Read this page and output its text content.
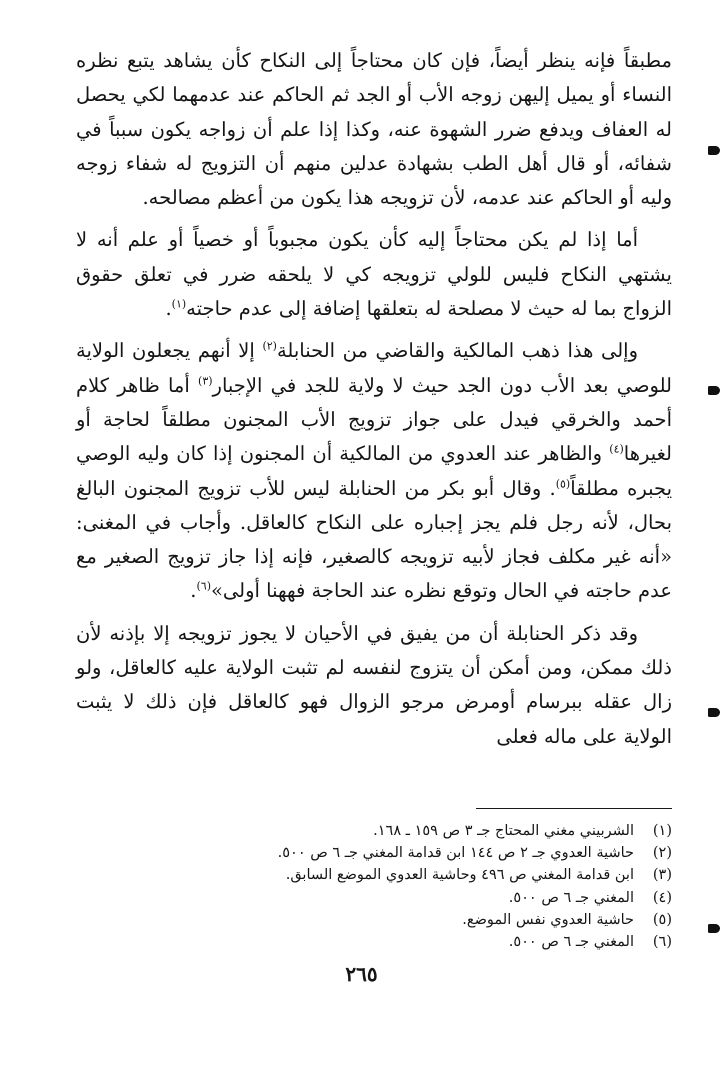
مطبقاً فإنه ينظر أيضاً، فإن كان محتاجاً إلى النكاح كأن يشاهد يتبع نظره النساء أو يميل إليهن زوجه الأب أو الجد ثم الحاكم عند عدمهما لكي يحصل له العفاف ويدفع ضرر الشهوة عنه، وكذا إذا علم أن زواجه يكون سبباً في شفائه، أو قال أهل الطب بشهادة عدلين منهم أن التزويج له شفاء زوجه وليه أو الحاكم عند عدمه، لأن تزويجه هذا يكون من أعظم مصالحه.

أما إذا لم يكن محتاجاً إليه كأن يكون مجبوباً أو خصياً أو علم أنه لا يشتهي النكاح فليس للولي تزويجه كي لا يلحقه ضرر في تعلق حقوق الزواج بما له حيث لا مصلحة له بتعلقها إضافة إلى عدم حاجته$^{(١)}$.

وإلى هذا ذهب المالكية والقاضي من الحنابلة$^{(٢)}$ إلا أنهم يجعلون الولاية للوصي بعد الأب دون الجد حيث لا ولاية للجد في الإجبار$^{(٣)}$ أما ظاهر كلام أحمد والخرقي فيدل على جواز تزويج الأب المجنون مطلقاً لحاجة أو لغيرها$^{(٤)}$ والظاهر عند العدوي من المالكية أن المجنون إذا كان وليه الوصي يجبره مطلقاً$^{(٥)}$. وقال أبو بكر من الحنابلة ليس للأب تزويج المجنون البالغ بحال، لأنه رجل فلم يجز إجباره على النكاح كالعاقل. وأجاب في المغنى: «أنه غير مكلف فجاز لأبيه تزويجه كالصغير، فإنه إذا جاز تزويج الصغير مع عدم حاجته في الحال وتوقع نظره عند الحاجة فههنا أولى»$^{(٦)}$.

وقد ذكر الحنابلة أن من يفيق في الأحيان لا يجوز تزويجه إلا بإذنه لأن ذلك ممكن، ومن أمكن أن يتزوج لنفسه لم تثبت الولاية عليه كالعاقل، ولو زال عقله ببرسام أومرض مرجو الزوال فهو كالعاقل فإن ذلك لا يثبت الولاية على ماله فعلى

(١)
الشربيني مغني المحتاج جـ ٣ ص ١٥٩ ـ ١٦٨.
(٢)
حاشية العدوي جـ ٢ ص ١٤٤ ابن قدامة المغني جـ ٦ ص ٥٠٠.
(٣)
ابن قدامة المغني ص ٤٩٦ وحاشية العدوي الموضع السابق.
(٤)
المغني جـ ٦ ص ٥٠٠.
(٥)
حاشية العدوي نفس الموضع.
(٦)
المغني جـ ٦ ص ٥٠٠.
٢٦٥
